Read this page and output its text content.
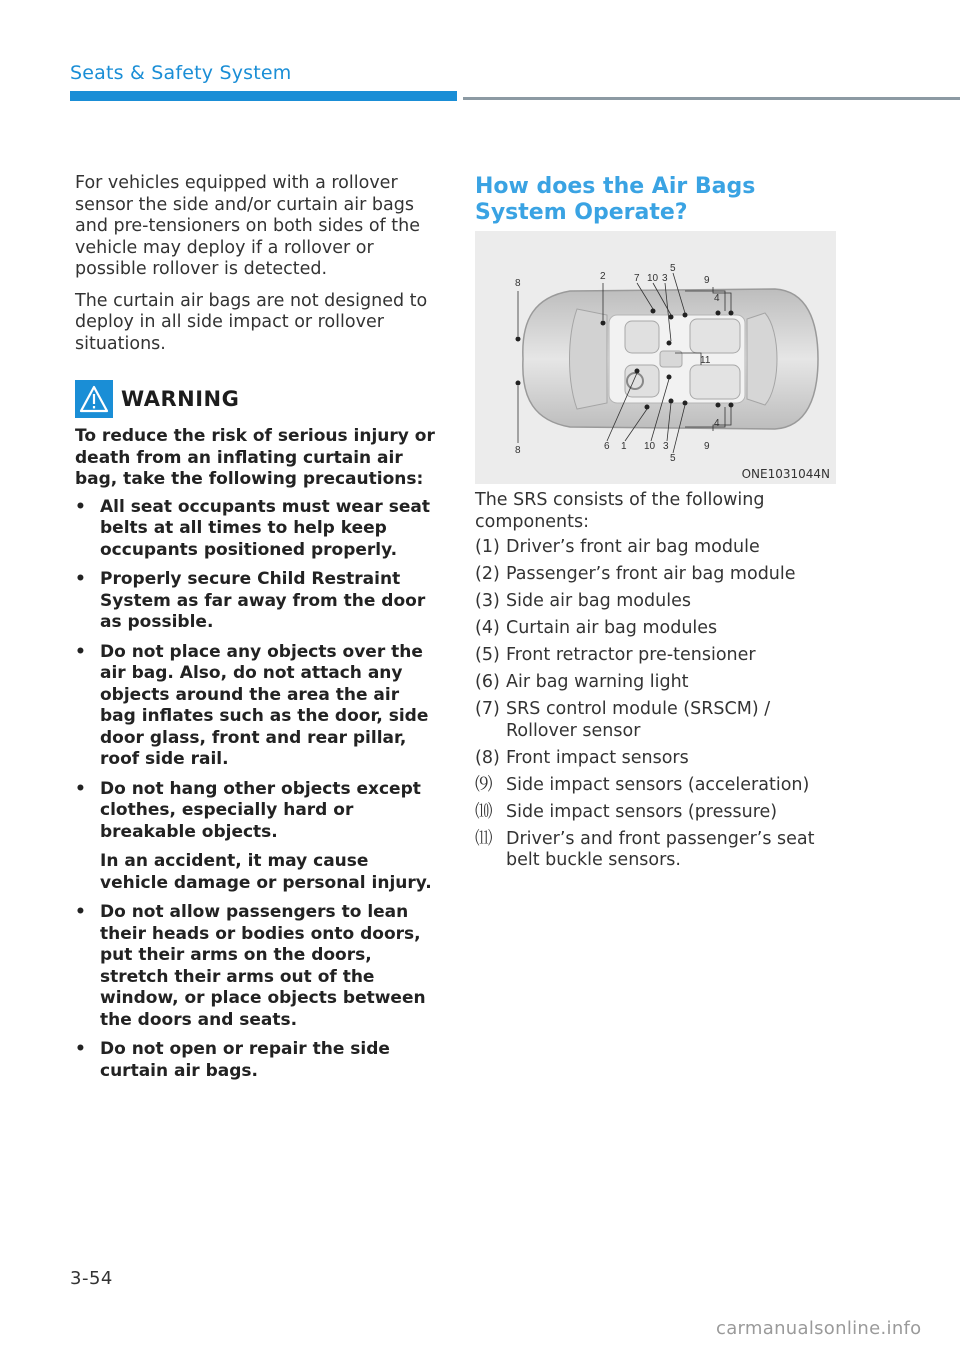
Seats & Safety System

For vehicles equipped with a rollover sensor the side and/or curtain air bags and pre-tensioners on both sides of the vehicle may deploy if a rollover or possible rollover is detected.

The curtain air bags are not designed to deploy in all side impact or rollover situations.

WARNING

To reduce the risk of serious injury or death from an inflating curtain air bag, take the following precautions:

• All seat occupants must wear seat belts at all times to help keep occupants positioned properly.
• Properly secure Child Restraint System as far away from the door as possible.
• Do not place any objects over the air bag. Also, do not attach any objects around the area the air bag inflates such as the door, side door glass, front and rear pillar, roof side rail.
• Do not hang other objects except clothes, especially hard or breakable objects.

In an accident, it may cause vehicle damage or personal injury.

• Do not allow passengers to lean their heads or bodies onto doors, put their arms on the doors, stretch their arms out of the window, or place objects between the doors and seats.
• Do not open or repair the side curtain air bags.
How does the Air Bags System Operate?
8
2	7 10 3
5
9
4
8	6 1 10 3
5
9
4
11
ONE1031044N
The SRS consists of the following components:
(1) Driver’s front air bag module
(2) Passenger’s front air bag module
(3) Side air bag modules
(4) Curtain air bag modules
(5) Front retractor pre-tensioner
(6) Air bag warning light
(7) SRS control module (SRSCM) / Rollover sensor
(8) Front impact sensors
⑼ Side impact sensors (acceleration)
⑽ Side impact sensors (pressure)
⑾ Driver’s and front passenger’s seat belt buckle sensors.
3-54
carmanualsonline.info
